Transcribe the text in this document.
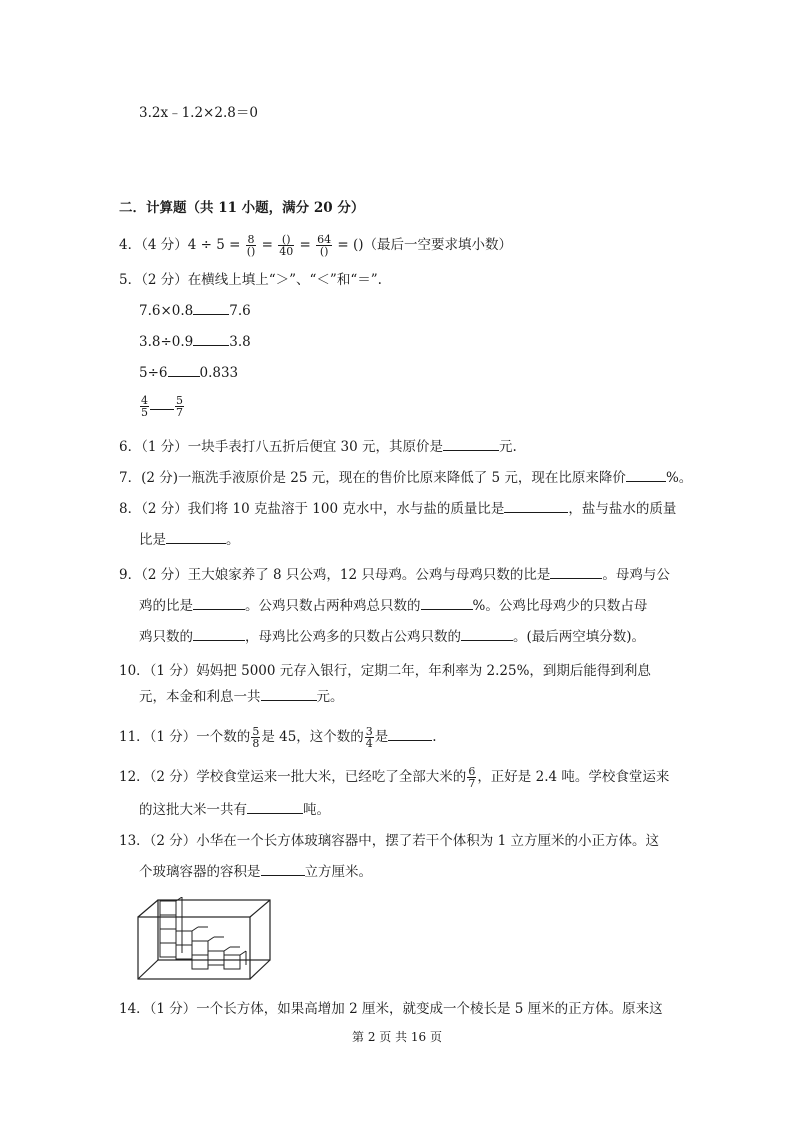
3.2x﹣1.2×2.8＝0
二．计算题（共 11 小题，满分 20 分）
4．（4 分）$4 \div 5 = \frac{8}{()} = \frac{()}{40} = \frac{64}{()}$ = ()（最后一空要求填小数）
5．（2 分）在横线上填上“＞”、“＜”和“＝”.
7.6×0.8	7.6
3.8÷0.9	3.8
5÷6 0.833
$\frac{4}{5} \frac{5}{7}$
6．（1 分）一块手表打八五折后便宜 30 元，其原价是	元.
7．(2 分)一瓶洗手液原价是 25 元，现在的售价比原来降低了 5 元，现在比原来降价	%。
8．（2 分）我们将 10 克盐溶于 100 克水中，水与盐的质量比是	，盐与盐水的质量
比是	。
9．（2 分）王大娘家养了 8 只公鸡，12 只母鸡。公鸡与母鸡只数的比是	。母鸡与公
鸡的比是	。公鸡只数占两种鸡总只数的	%。公鸡比母鸡少的只数占母
鸡只数的	，母鸡比公鸡多的只数占公鸡只数的	。(最后两空填分数)。
10．（1 分）妈妈把 5000 元存入银行，定期二年，年利率为 2.25%，到期后能得到利息
元，本金和利息一共	元。
11．（1 分）一个数的 $\frac{5}{8}$ 是 45，这个数的 $\frac{3}{4}$ 是	.
12．（2 分）学校食堂运来一批大米，已经吃了全部大米的 $\frac{6}{7}$ ，正好是 2.4 吨。学校食堂运来
的这批大米一共有	吨。
13．（2 分）小华在一个长方体玻璃容器中，摆了若干个体积为 1 立方厘米的小正方体。这
个玻璃容器的容积是	立方厘米。
14．（1 分）一个长方体，如果高增加 2 厘米，就变成一个棱长是 5 厘米的正方体。原来这
第 2 页 共 16 页
